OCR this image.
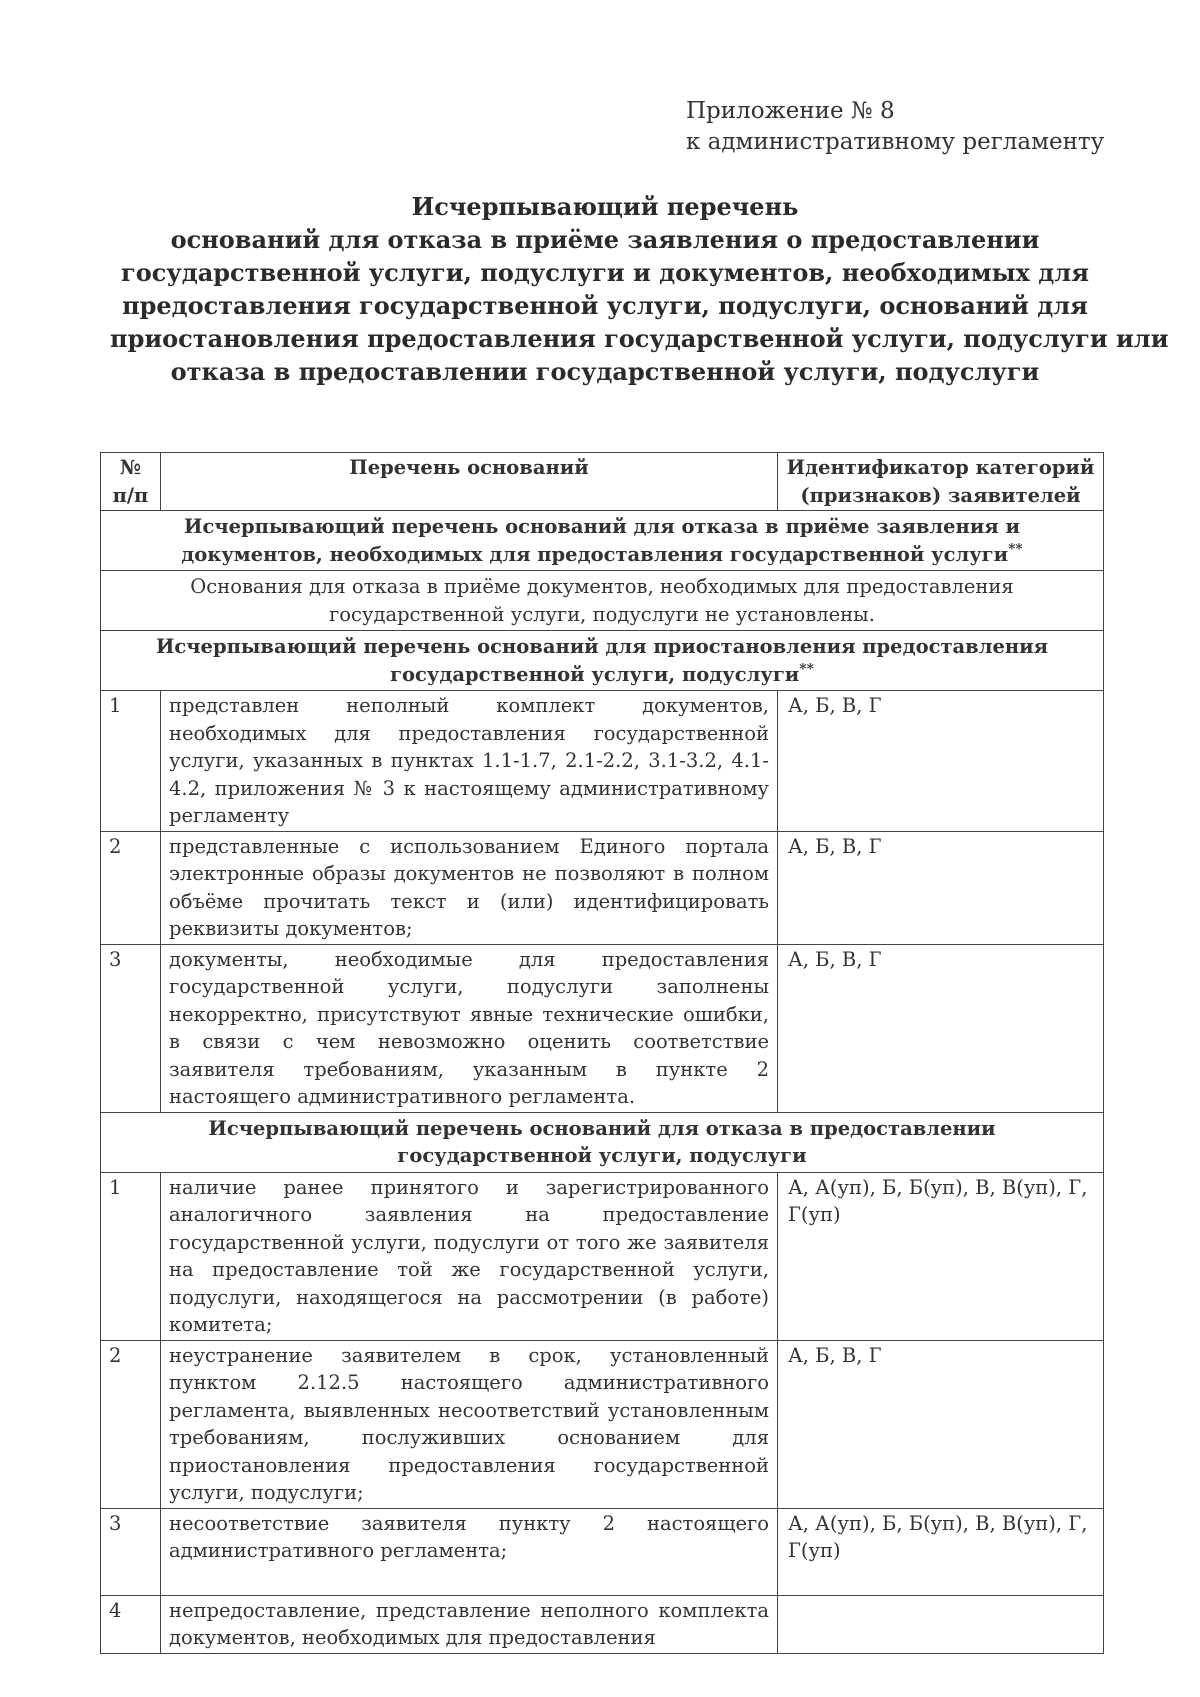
Приложение № 8
к административному регламенту
Исчерпывающий перечень
оснований для отказа в приёме заявления о предоставлении
государственной услуги, подуслуги и документов, необходимых для
предоставления государственной услуги, подуслуги, оснований для
приостановления предоставления государственной услуги, подуслуги или
отказа в предоставлении государственной услуги, подуслуги
№ п/п	Перечень оснований	Идентификатор категорий (признаков) заявителей
Исчерпывающий перечень оснований для отказа в приёме заявления и документов, необходимых для предоставления государственной услуги**
Основания для отказа в приёме документов, необходимых для предоставления государственной услуги, подуслуги не установлены.		
Исчерпывающий перечень оснований для приостановления предоставления государственной услуги, подуслуги**
1	представлен неполный комплект документов, необходимых для предоставления государственной услуги, указанных в пунктах 1.1-1.7, 2.1-2.2, 3.1-3.2, 4.1-4.2, приложения № 3 к настоящему административному регламенту	А, Б, В, Г
2	представленные с использованием Единого портала электронные образы документов не позволяют в полном объёме прочитать текст и (или) идентифицировать реквизиты документов;	А, Б, В, Г
3	документы, необходимые для предоставления государственной услуги, подуслуги заполнены некорректно, присутствуют явные технические ошибки, в связи с чем невозможно оценить соответствие заявителя требованиям, указанным в пункте 2 настоящего административного регламента.	А, Б, В, Г
Исчерпывающий перечень оснований для отказа в предоставлении государственной услуги, подуслуги		
1	наличие ранее принятого и зарегистрированного аналогичного заявления на предоставление государственной услуги, подуслуги от того же заявителя на предоставление той же государственной услуги, подуслуги, находящегося на рассмотрении (в работе) комитета;	А, А(уп), Б, Б(уп), В, В(уп), Г, Г(уп)
2	неустранение заявителем в срок, установленный пунктом 2.12.5 настоящего административного регламента, выявленных несоответствий установленным требованиям, послуживших основанием для приостановления предоставления государственной услуги, подуслуги;	А, Б, В, Г
3	несоответствие заявителя пункту 2 настоящего административного регламента;	А, А(уп), Б, Б(уп), В, В(уп), Г, Г(уп)
4	непредоставление, представление неполного комплекта документов, необходимых для предоставления	
